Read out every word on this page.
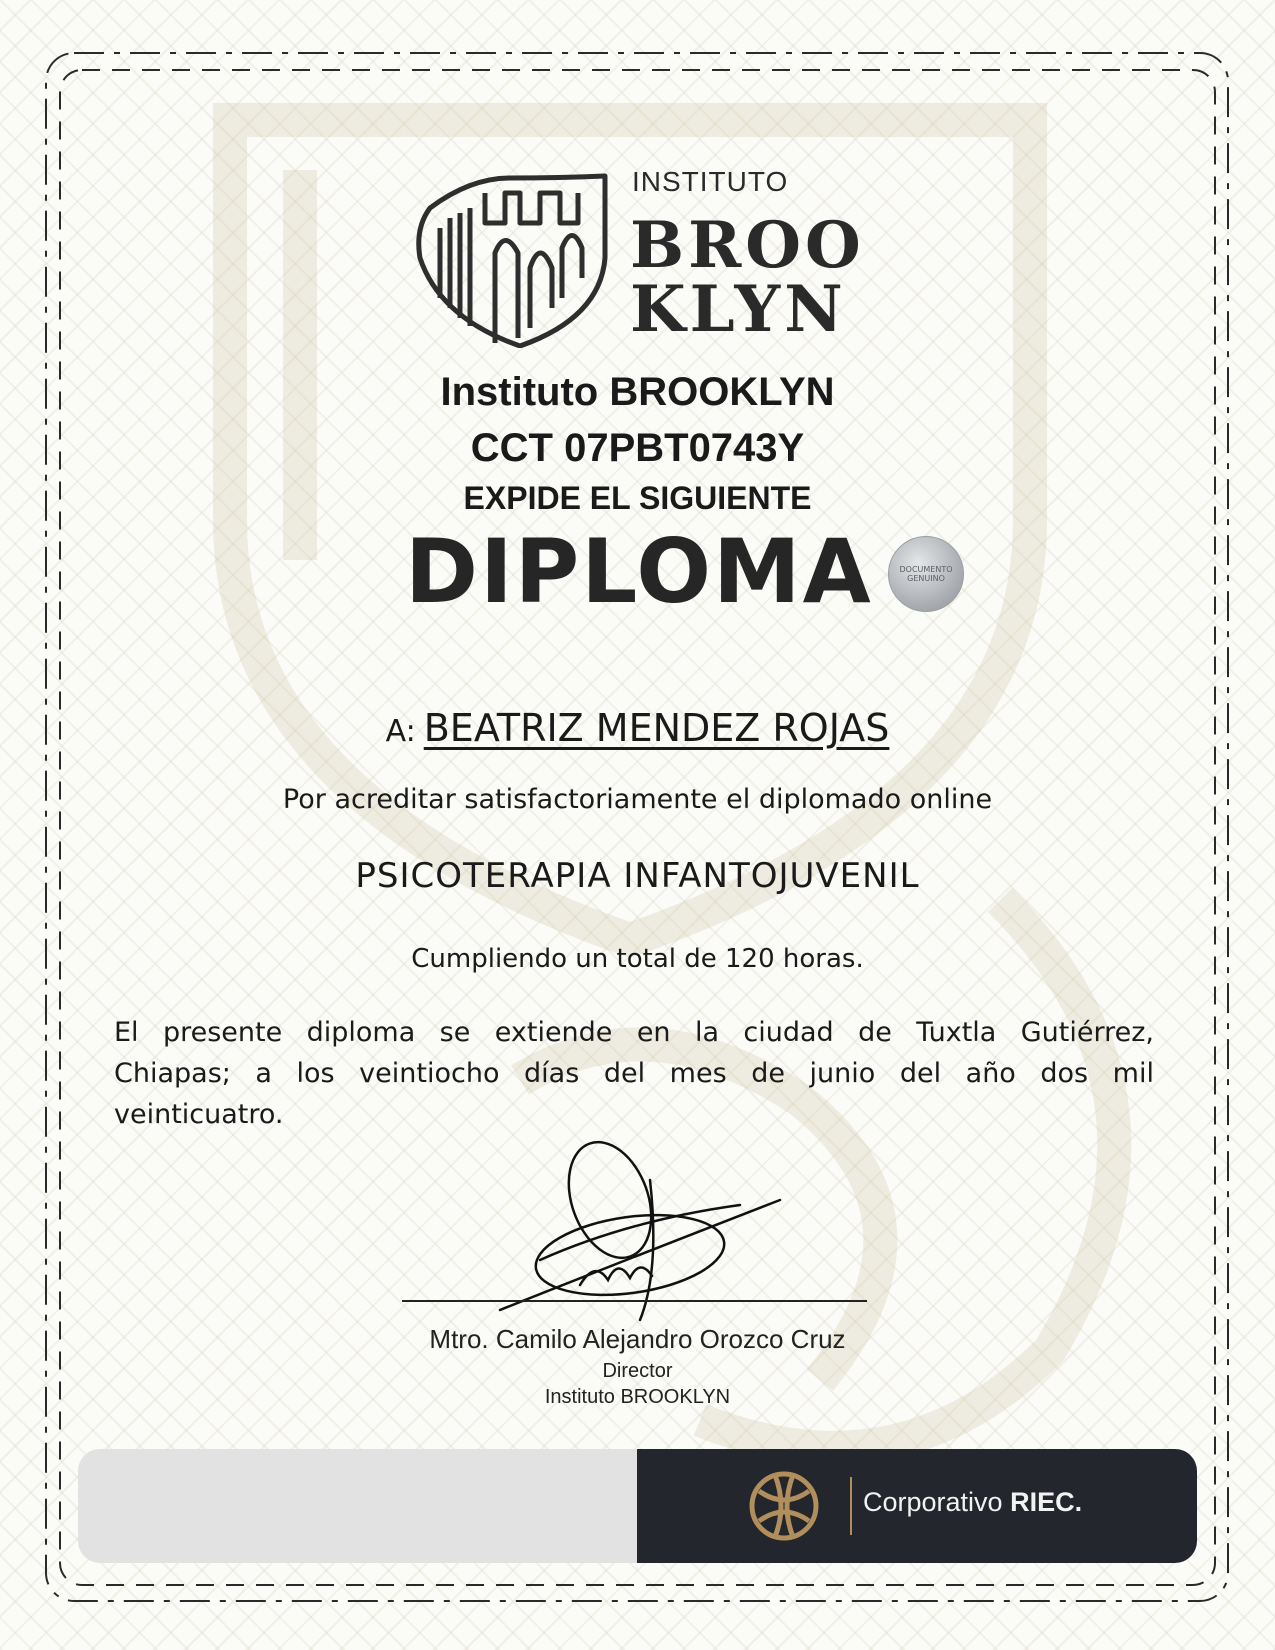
INSTITUTO
BROO
KLYN
Instituto BROOKLYN
CCT 07PBT0743Y
EXPIDE EL SIGUIENTE
DIPLOMA	DOCUMENTO GENUINO
A: BEATRIZ MENDEZ ROJAS
Por acreditar satisfactoriamente el diplomado online
PSICOTERAPIA INFANTOJUVENIL
Cumpliendo un total de 120 horas.
El presente diploma se extiende en la ciudad de Tuxtla Gutiérrez, Chiapas; a los veintiocho días del mes de junio del año dos mil veinticuatro.
Mtro. Camilo Alejandro Orozco Cruz
Director
Instituto BROOKLYN
Corporativo RIEC.
